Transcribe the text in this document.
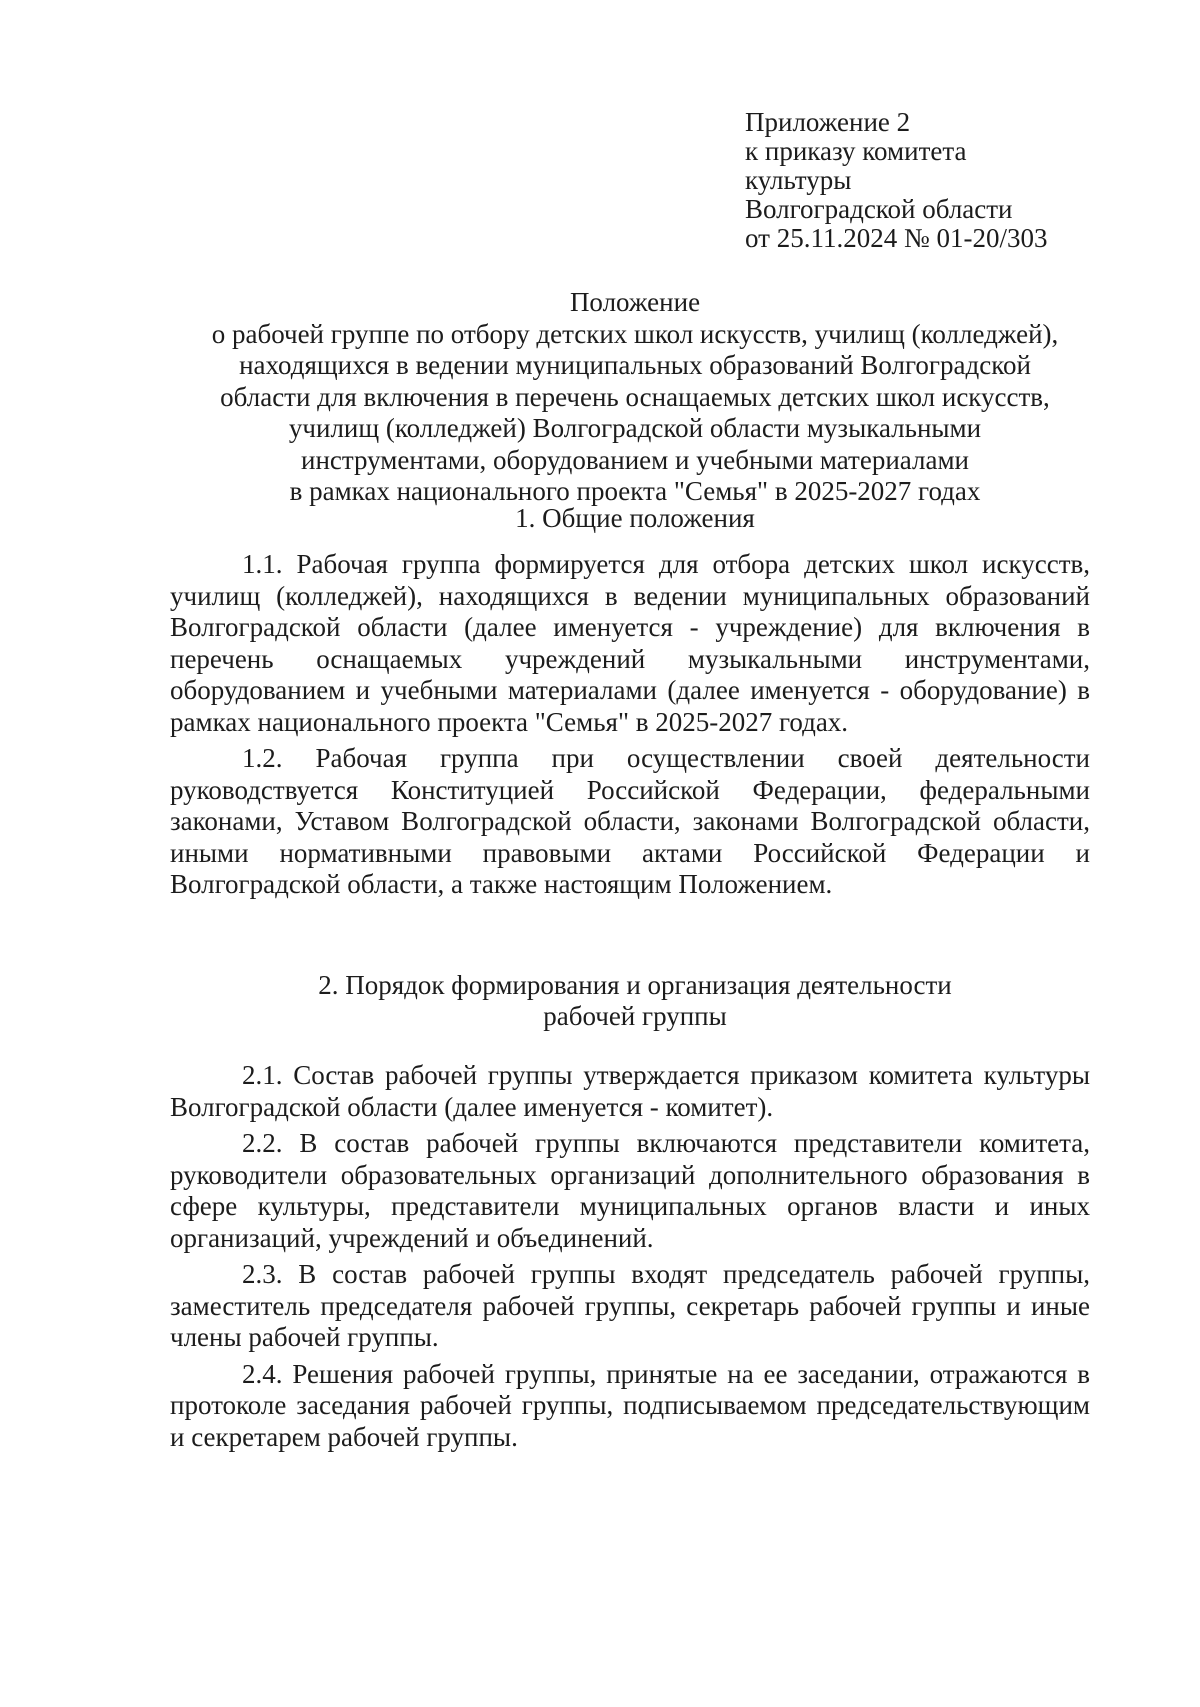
Приложение 2
к приказу комитета
культуры
Волгоградской области
от 25.11.2024 № 01-20/303
Положение
о рабочей группе по отбору детских школ искусств, училищ (колледжей),
находящихся в ведении муниципальных образований Волгоградской
области для включения в перечень оснащаемых детских школ искусств,
училищ (колледжей) Волгоградской области музыкальными
инструментами, оборудованием и учебными материалами
в рамках национального проекта "Семья" в 2025-2027 годах
1. Общие положения

1.1. Рабочая группа формируется для отбора детских школ искусств, училищ (колледжей), находящихся в ведении муниципальных образований Волгоградской области (далее именуется - учреждение) для включения в перечень оснащаемых учреждений музыкальными инструментами, оборудованием и учебными материалами (далее именуется - оборудование) в рамках национального проекта "Семья" в 2025-2027 годах.

1.2. Рабочая группа при осуществлении своей деятельности руководствуется Конституцией Российской Федерации, федеральными законами, Уставом Волгоградской области, законами Волгоградской области, иными нормативными правовыми актами Российской Федерации и Волгоградской области, а также настоящим Положением.

2. Порядок формирования и организация деятельности
рабочей группы

2.1. Состав рабочей группы утверждается приказом комитета культуры Волгоградской области (далее именуется - комитет).

2.2. В состав рабочей группы включаются представители комитета, руководители образовательных организаций дополнительного образования в сфере культуры, представители муниципальных органов власти и иных организаций, учреждений и объединений.

2.3. В состав рабочей группы входят председатель рабочей группы, заместитель председателя рабочей группы, секретарь рабочей группы и иные члены рабочей группы.

2.4. Решения рабочей группы, принятые на ее заседании, отражаются в протоколе заседания рабочей группы, подписываемом председательствующим и секретарем рабочей группы.
